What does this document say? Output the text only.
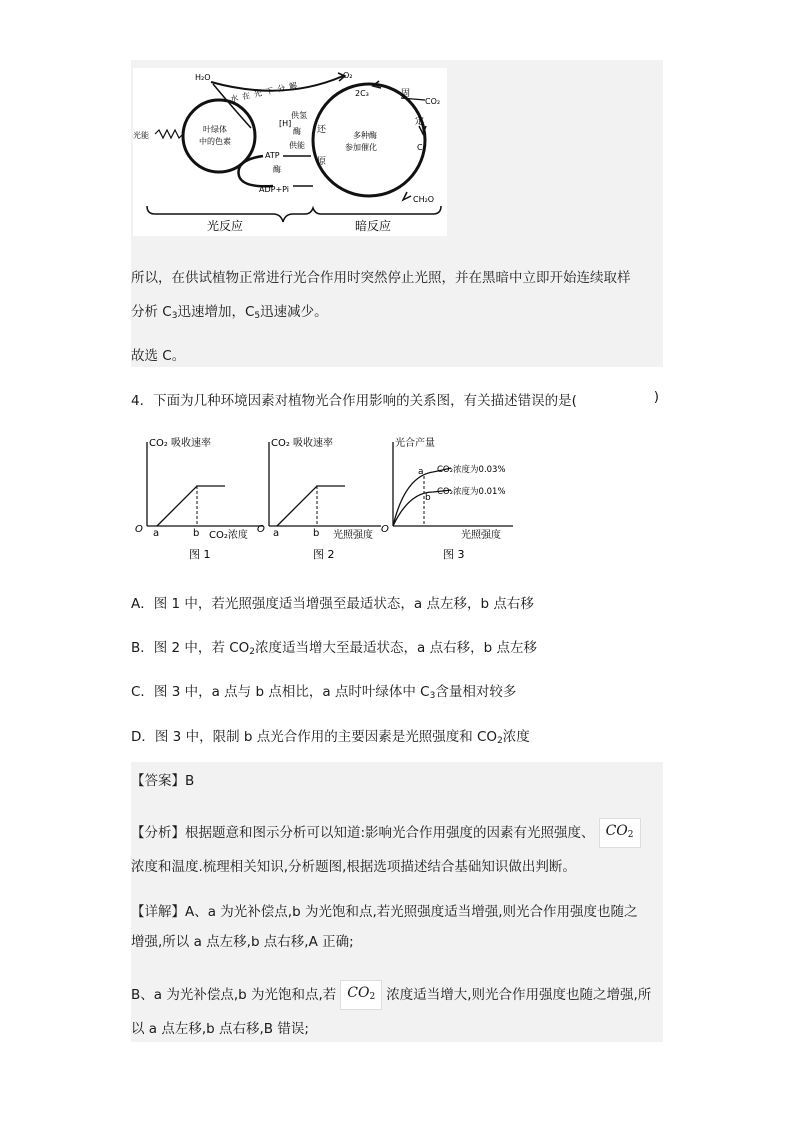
H₂O	O₂
水在光下分解
光能
叶绿体
中的色素
[H]
供氢
酶
ATP
酶
ADP+Pi
供能
还
原
2C₃	固
定
CO₂
C₅
多种酶
参加催化
CH₂O
光反应	暗反应
所以，在供试植物正常进行光合作用时突然停止光照，并在黑暗中立即开始连续取样
分析 $C_3$迅速增加，$C_5$迅速减少。
故选 C。
4．下面为几种环境因素对植物光合作用影响的关系图，有关描述错误的是(	)
CO₂ 吸收速率
O a	b CO₂浓度
图 1
CO₂ 吸收速率
O a	b 光照强度
图 2
光合产量
O
a
b
CO₂浓度为0.03%
CO₂浓度为0.01%
光照强度
图 3
A．图 1 中，若光照强度适当增强至最适状态，a 点左移，b 点右移
B．图 2 中，若 $CO_2$浓度适当增大至最适状态，a 点右移，b 点左移
C．图 3 中，a 点与 b 点相比，a 点时叶绿体中 $C_3$含量相对较多
D．图 3 中，限制 b 点光合作用的主要因素是光照强度和 $CO_2$浓度
【答案】B
【分析】根据题意和图示分析可以知道:影响光合作用强度的因素有光照强度、 $CO_2$
浓度和温度.梳理相关知识,分析题图,根据选项描述结合基础知识做出判断。
【详解】A、a 为光补偿点,b 为光饱和点,若光照强度适当增强,则光合作用强度也随之
增强,所以 a 点左移,b 点右移,A 正确;
B、a 为光补偿点,b 为光饱和点,若 $CO_2$ 浓度适当增大,则光合作用强度也随之增强,所
以 a 点左移,b 点右移,B 错误;
